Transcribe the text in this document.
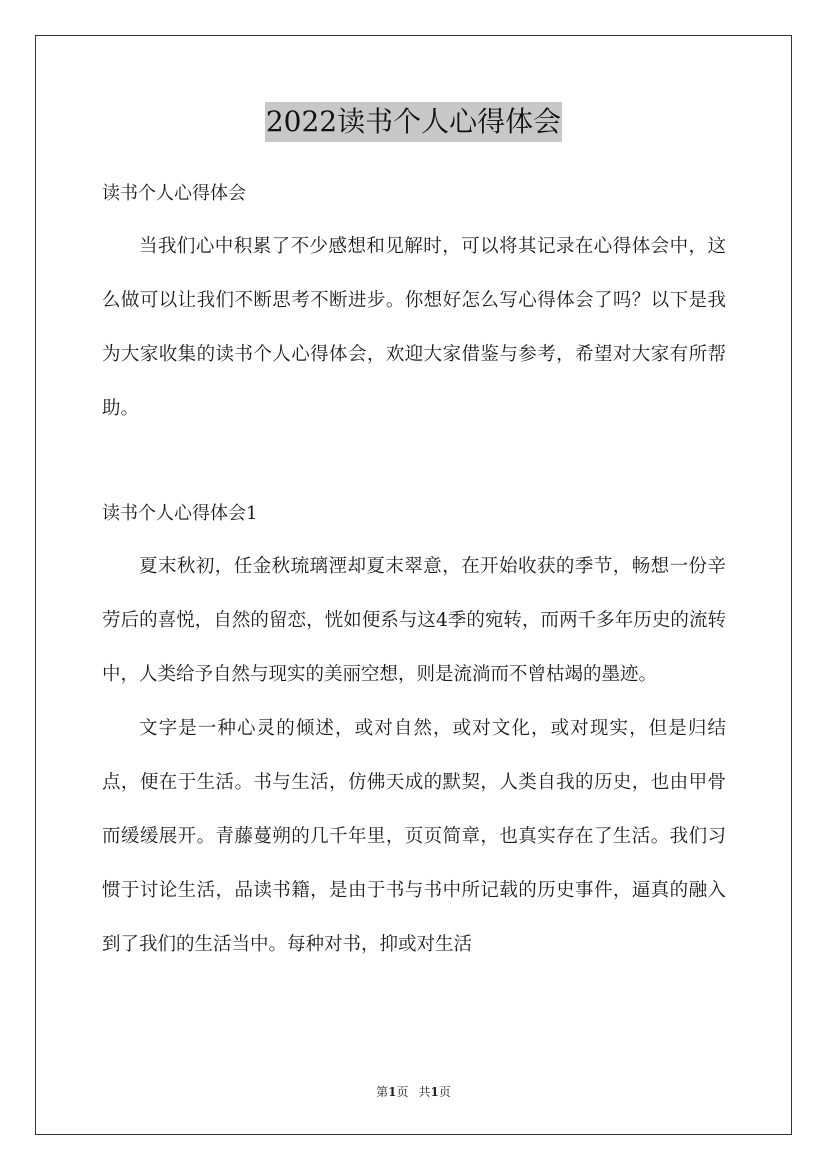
2022读书个人心得体会

读书个人心得体会

当我们心中积累了不少感想和见解时，可以将其记录在心得体会中，这么做可以让我们不断思考不断进步。你想好怎么写心得体会了吗？以下是我为大家收集的读书个人心得体会，欢迎大家借鉴与参考，希望对大家有所帮助。

读书个人心得体会1

夏末秋初，任金秋琉璃湮却夏末翠意，在开始收获的季节，畅想一份辛劳后的喜悦，自然的留恋，恍如便系与这4季的宛转，而两千多年历史的流转中，人类给予自然与现实的美丽空想，则是流淌而不曾枯竭的墨迹。

文字是一种心灵的倾述，或对自然，或对文化，或对现实，但是归结点，便在于生活。书与生活，仿佛天成的默契，人类自我的历史，也由甲骨而缓缓展开。青藤蔓朔的几千年里，页页简章，也真实存在了生活。我们习惯于讨论生活，品读书籍，是由于书与书中所记载的历史事件，逼真的融入到了我们的生活当中。每种对书，抑或对生活

第1页 共1页
